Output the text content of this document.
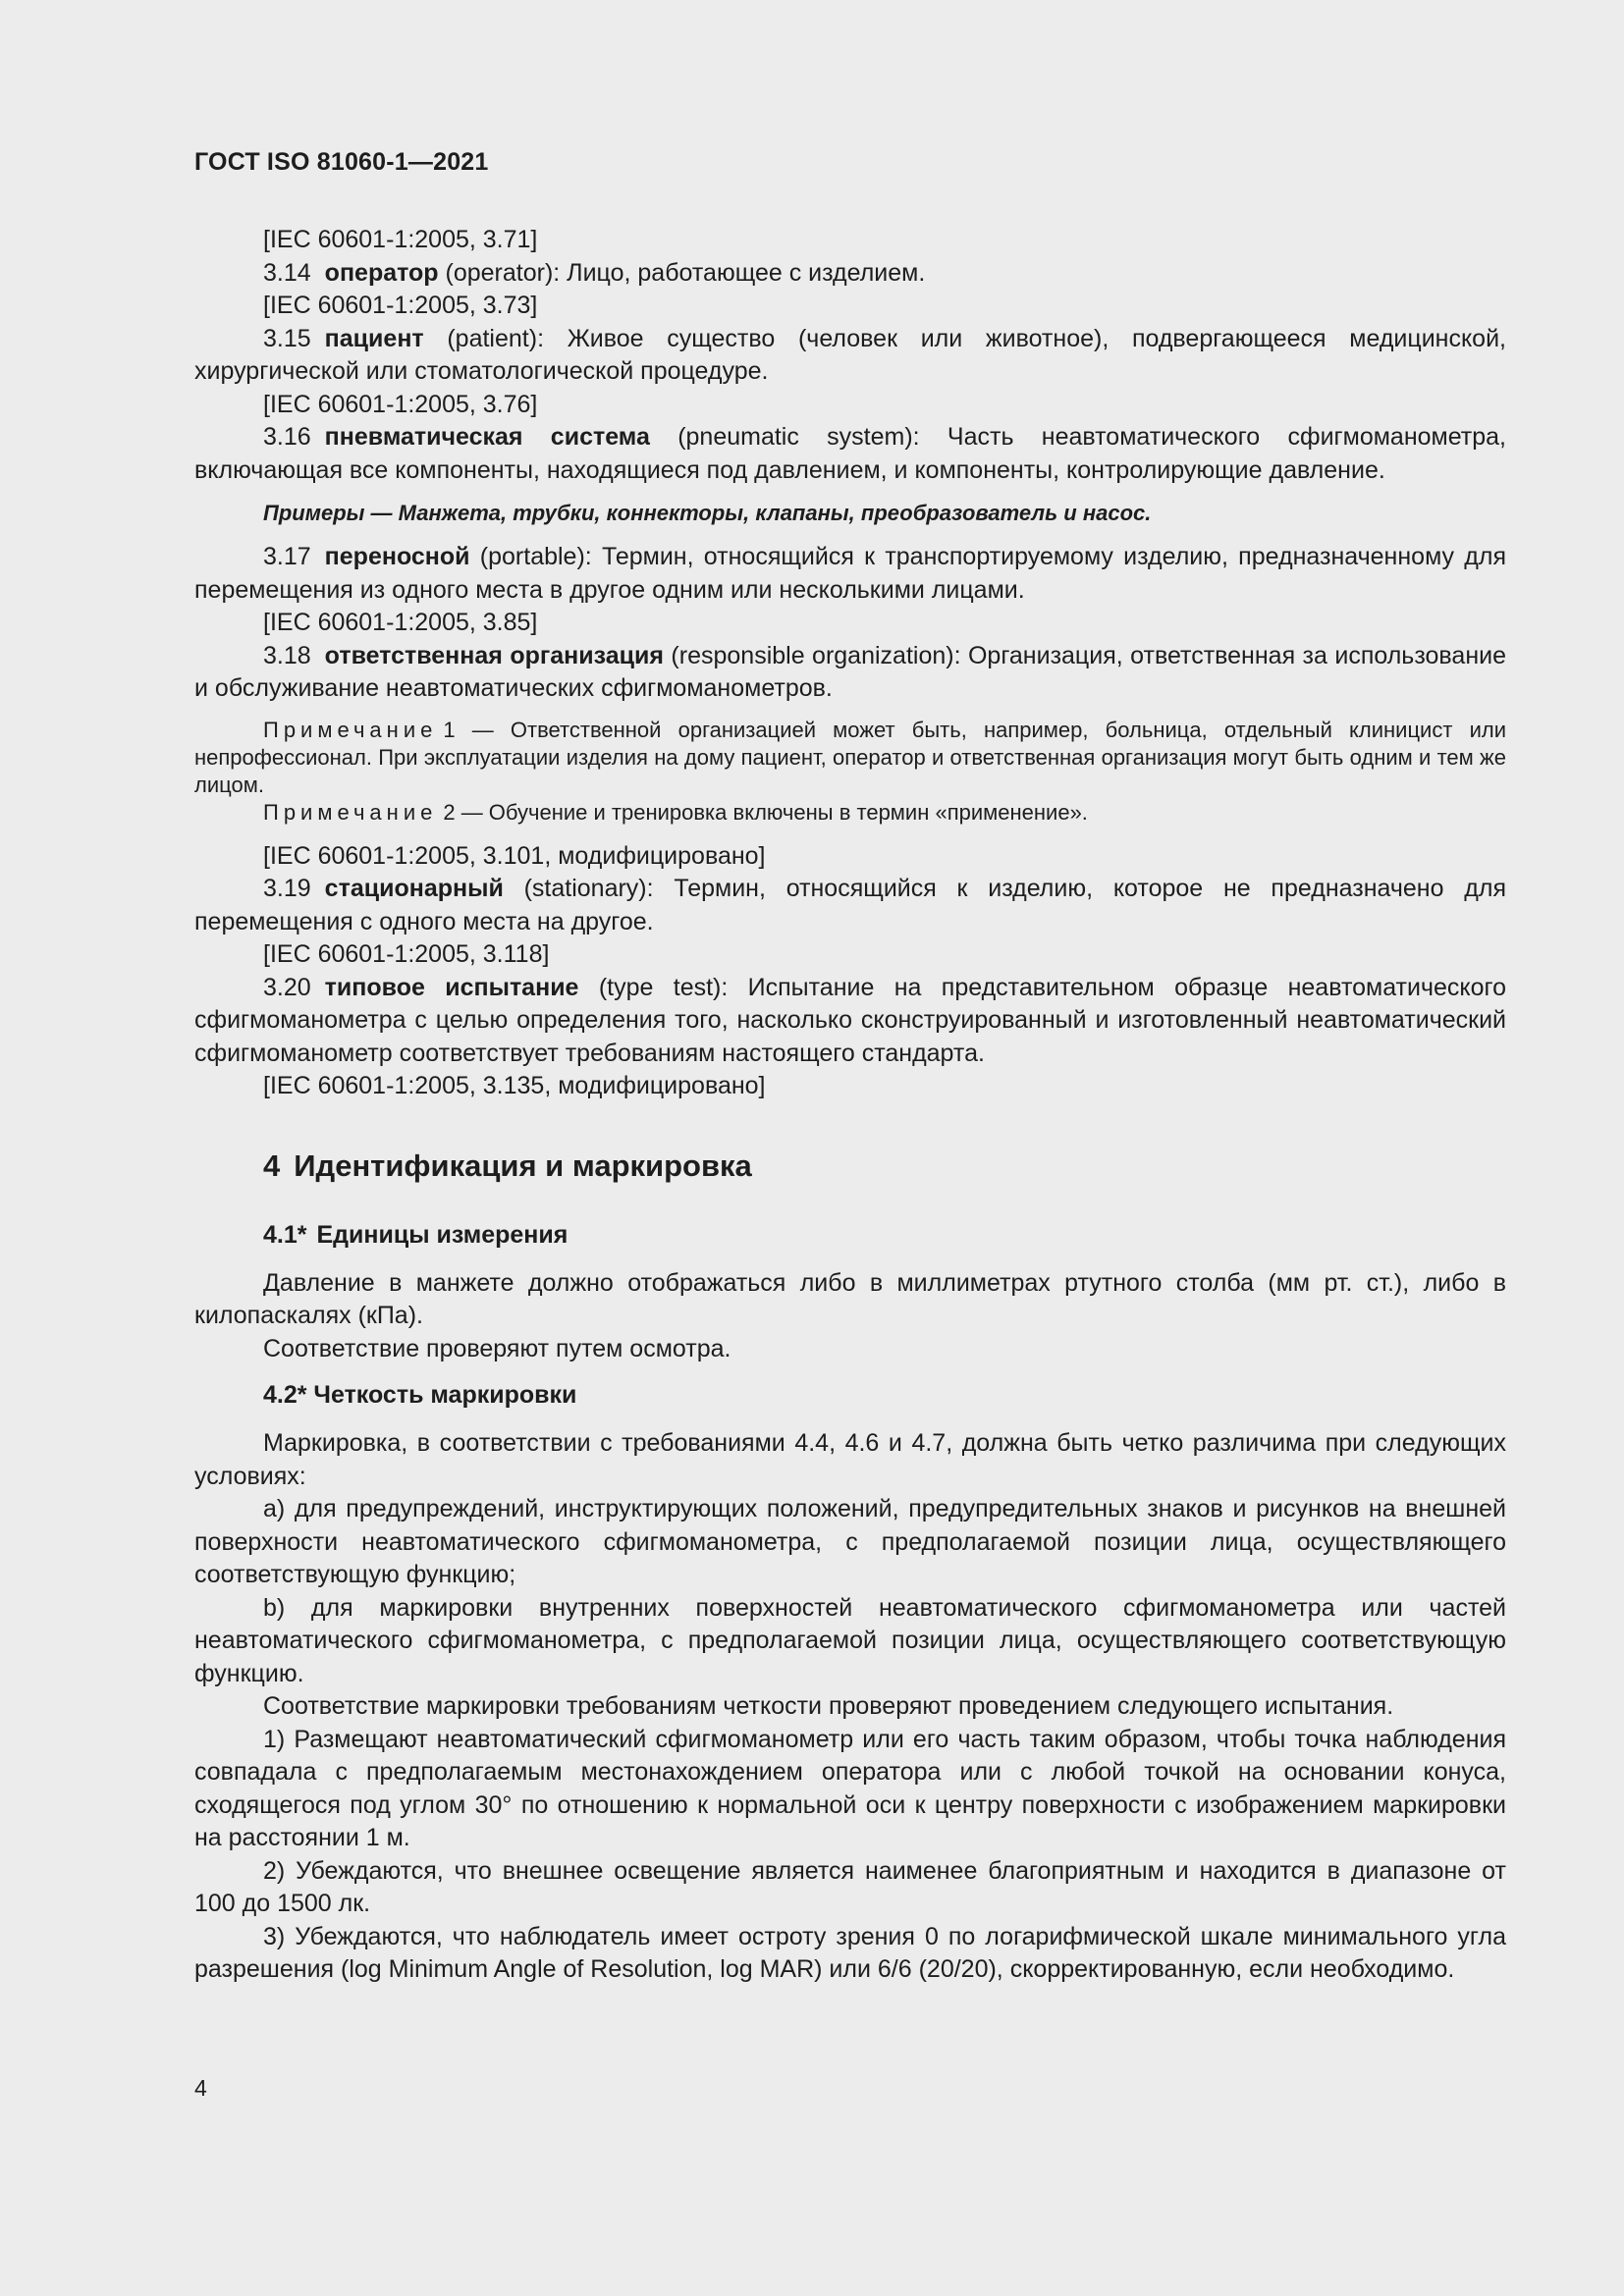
ГОСТ ISO 81060-1—2021

[IEC 60601-1:2005, 3.71]

3.14 оператор (operator): Лицо, работающее с изделием.

[IEC 60601-1:2005, 3.73]

3.15 пациент (patient): Живое существо (человек или животное), подвергающееся медицинской, хирургической или стоматологической процедуре.

[IEC 60601-1:2005, 3.76]

3.16 пневматическая система (pneumatic system): Часть неавтоматического сфигмоманометра, включающая все компоненты, находящиеся под давлением, и компоненты, контролирующие давление.

Примеры — Манжета, трубки, коннекторы, клапаны, преобразователь и насос.

3.17 переносной (portable): Термин, относящийся к транспортируемому изделию, предназначенному для перемещения из одного места в другое одним или несколькими лицами.

[IEC 60601-1:2005, 3.85]

3.18 ответственная организация (responsible organization): Организация, ответственная за использование и обслуживание неавтоматических сфигмоманометров.

Примечание 1 — Ответственной организацией может быть, например, больница, отдельный клиницист или непрофессионал. При эксплуатации изделия на дому пациент, оператор и ответственная организация могут быть одним и тем же лицом.

Примечание 2 — Обучение и тренировка включены в термин «применение».

[IEC 60601-1:2005, 3.101, модифицировано]

3.19 стационарный (stationary): Термин, относящийся к изделию, которое не предназначено для перемещения с одного места на другое.

[IEC 60601-1:2005, 3.118]

3.20 типовое испытание (type test): Испытание на представительном образце неавтоматического сфигмоманометра с целью определения того, насколько сконструированный и изготовленный неавтоматический сфигмоманометр соответствует требованиям настоящего стандарта.

[IEC 60601-1:2005, 3.135, модифицировано]

4 Идентификация и маркировка
4.1* Единицы измерения

Давление в манжете должно отображаться либо в миллиметрах ртутного столба (мм рт. ст.), либо в килопаскалях (кПа).

Соответствие проверяют путем осмотра.

4.2* Четкость маркировки

Маркировка, в соответствии с требованиями 4.4, 4.6 и 4.7, должна быть четко различима при следующих условиях:

a) для предупреждений, инструктирующих положений, предупредительных знаков и рисунков на внешней поверхности неавтоматического сфигмоманометра, с предполагаемой позиции лица, осуществляющего соответствующую функцию;

b) для маркировки внутренних поверхностей неавтоматического сфигмоманометра или частей неавтоматического сфигмоманометра, с предполагаемой позиции лица, осуществляющего соответствующую функцию.

Соответствие маркировки требованиям четкости проверяют проведением следующего испытания.

1) Размещают неавтоматический сфигмоманометр или его часть таким образом, чтобы точка наблюдения совпадала с предполагаемым местонахождением оператора или с любой точкой на основании конуса, сходящегося под углом 30° по отношению к нормальной оси к центру поверхности с изображением маркировки на расстоянии 1 м.

2) Убеждаются, что внешнее освещение является наименее благоприятным и находится в диапазоне от 100 до 1500 лк.

3) Убеждаются, что наблюдатель имеет остроту зрения 0 по логарифмической шкале минимального угла разрешения (log Minimum Angle of Resolution, log MAR) или 6/6 (20/20), скорректированную, если необходимо.

4
